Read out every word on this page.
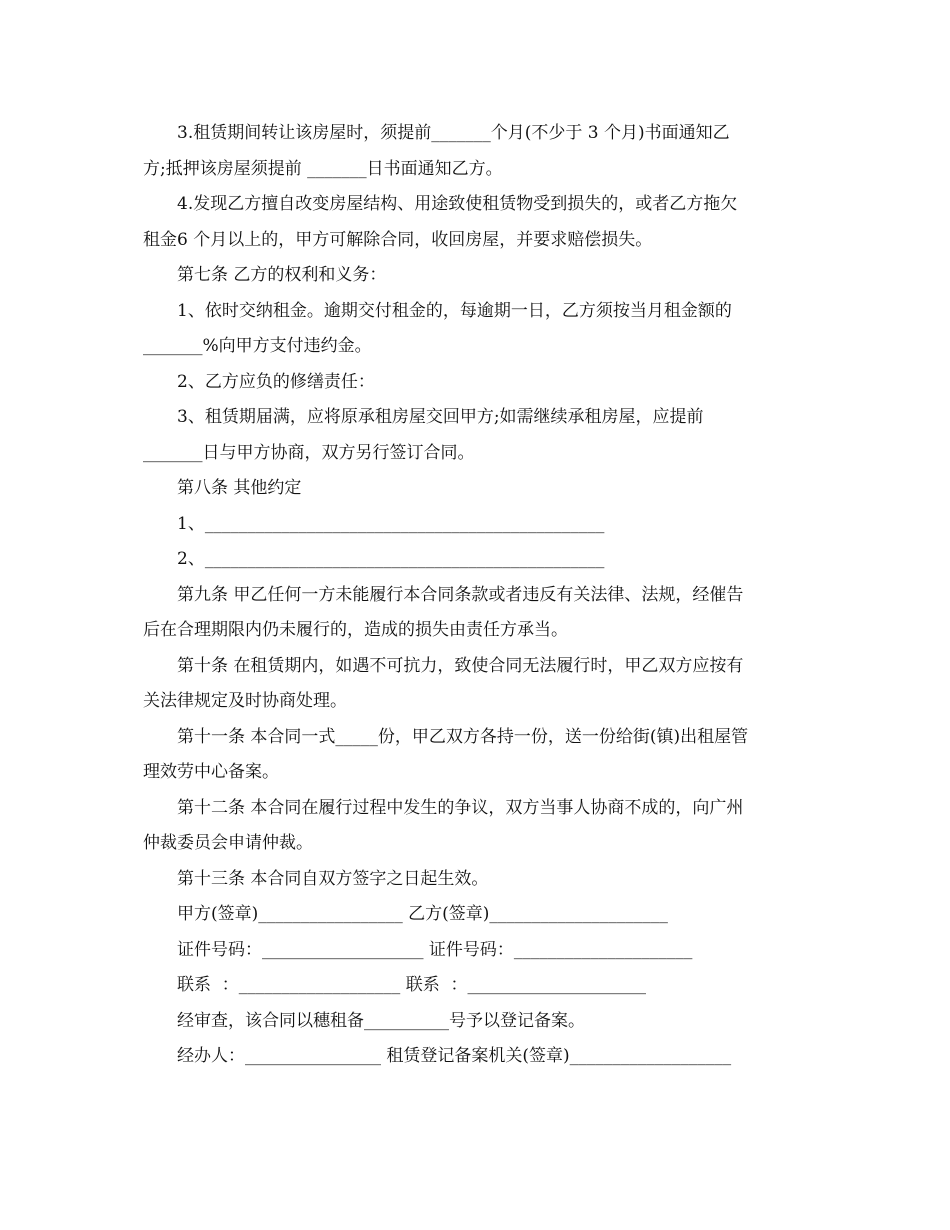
3.租赁期间转让该房屋时，须提前_______个月(不少于 3 个月)书面通知乙
方;抵押该房屋须提前 _______日书面通知乙方。
4.发现乙方擅自改变房屋结构、用途致使租赁物受到损失的，或者乙方拖欠
租金6 个月以上的，甲方可解除合同，收回房屋，并要求赔偿损失。
第七条 乙方的权利和义务：
1、依时交纳租金。逾期交付租金的，每逾期一日，乙方须按当月租金额的
_______%向甲方支付违约金。
2、乙方应负的修缮责任：
3、租赁期届满，应将原承租房屋交回甲方;如需继续承租房屋，应提前
_______日与甲方协商，双方另行签订合同。
第八条 其他约定
1、_______________________________________________
2、_______________________________________________
第九条 甲乙任何一方未能履行本合同条款或者违反有关法律、法规，经催告
后在合理期限内仍未履行的，造成的损失由责任方承当。
第十条 在租赁期内，如遇不可抗力，致使合同无法履行时，甲乙双方应按有
关法律规定及时协商处理。
第十一条 本合同一式_____份，甲乙双方各持一份，送一份给街(镇)出租屋管
理效劳中心备案。
第十二条 本合同在履行过程中发生的争议，双方当事人协商不成的，向广州
仲裁委员会申请仲裁。
第十三条 本合同自双方签字之日起生效。
甲方(签章)_________________ 乙方(签章)_____________________
证件号码：___________________ 证件号码：_____________________
联系  ：___________________ 联系  ：_____________________
经审查，该合同以穗租备__________号予以登记备案。
经办人：________________ 租赁登记备案机关(签章)___________________
